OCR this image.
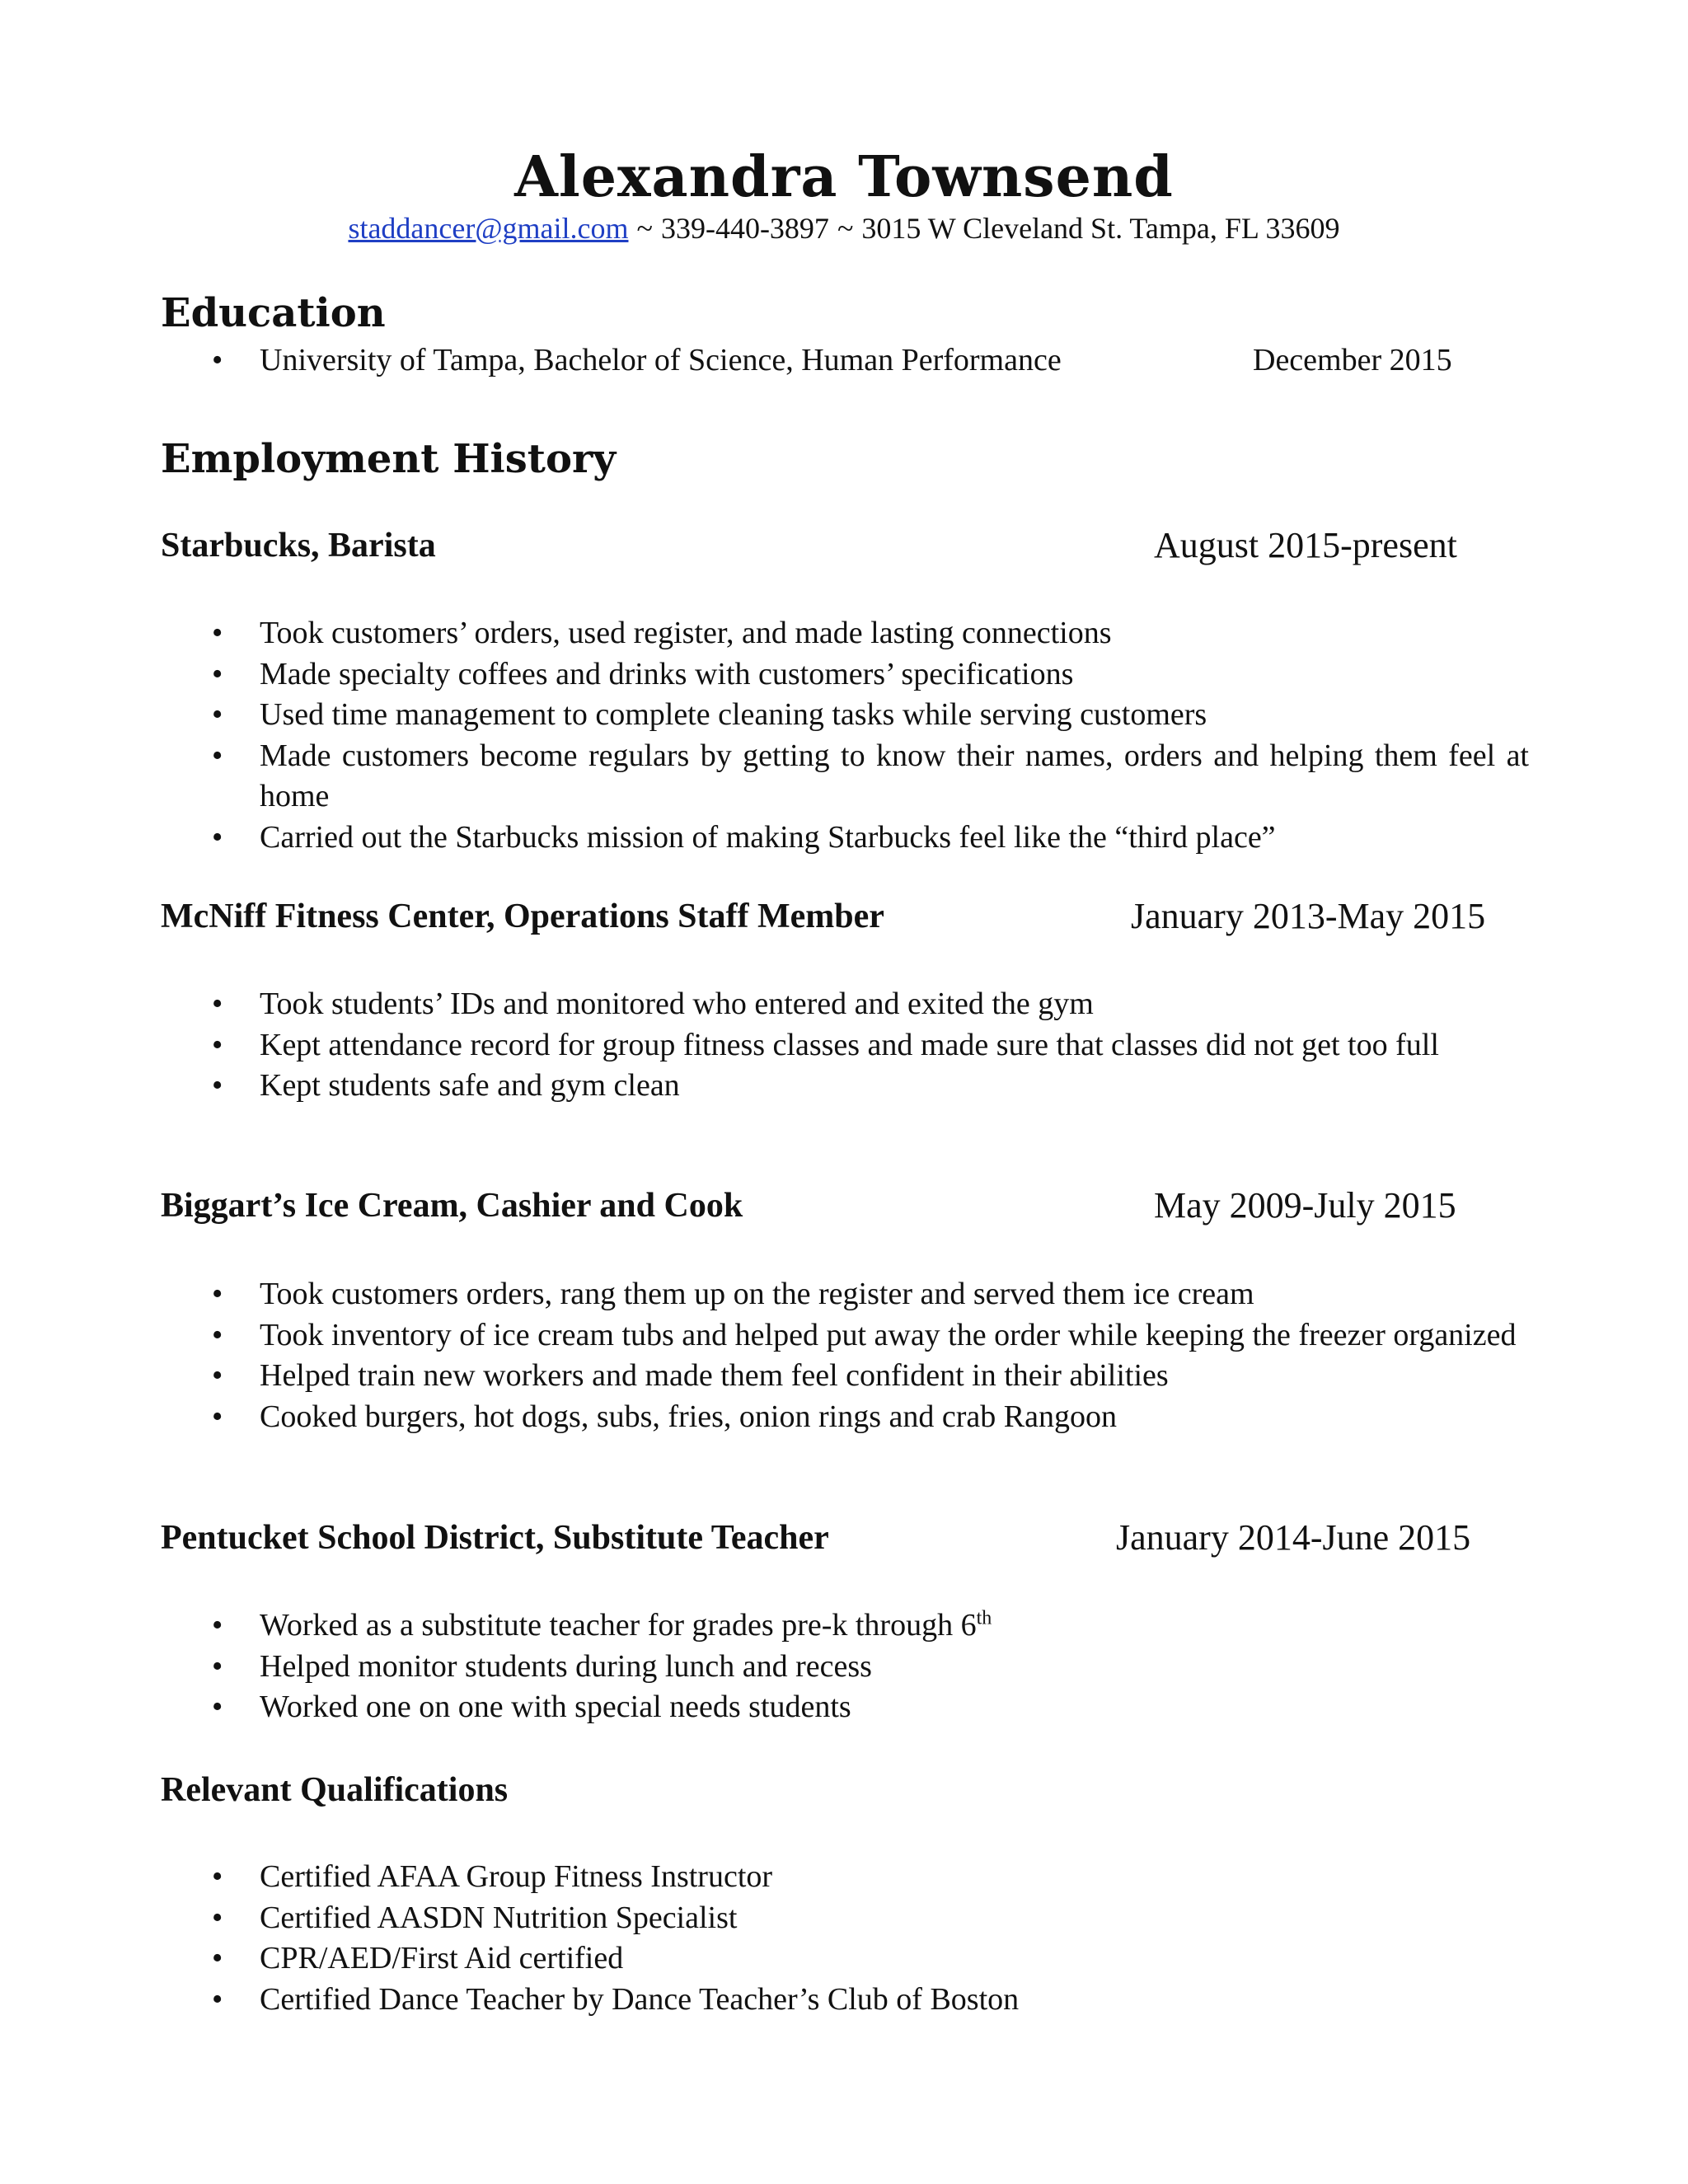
Alexandra Townsend
staddancer@gmail.com ~ 339-440-3897 ~ 3015 W Cleveland St. Tampa, FL 33609
Education
• University of Tampa, Bachelor of Science, Human Performance	December 2015
Employment History
Starbucks, Barista	August 2015-present
• Took customers’ orders, used register, and made lasting connections
• Made specialty coffees and drinks with customers’ specifications
• Used time management to complete cleaning tasks while serving customers
• Made customers become regulars by getting to know their names, orders and helping them feel at home
• Carried out the Starbucks mission of making Starbucks feel like the “third place”
McNiff Fitness Center, Operations Staff Member	January 2013-May 2015
• Took students’ IDs and monitored who entered and exited the gym
• Kept attendance record for group fitness classes and made sure that classes did not get too full
• Kept students safe and gym clean
Biggart’s Ice Cream, Cashier and Cook	May 2009-July 2015
• Took customers orders, rang them up on the register and served them ice cream
• Took inventory of ice cream tubs and helped put away the order while keeping the freezer organized
• Helped train new workers and made them feel confident in their abilities
• Cooked burgers, hot dogs, subs, fries, onion rings and crab Rangoon
Pentucket School District, Substitute Teacher	January 2014-June 2015
• Worked as a substitute teacher for grades pre-k through 6th
• Helped monitor students during lunch and recess
• Worked one on one with special needs students
Relevant Qualifications
• Certified AFAA Group Fitness Instructor
• Certified AASDN Nutrition Specialist
• CPR/AED/First Aid certified
• Certified Dance Teacher by Dance Teacher’s Club of Boston
